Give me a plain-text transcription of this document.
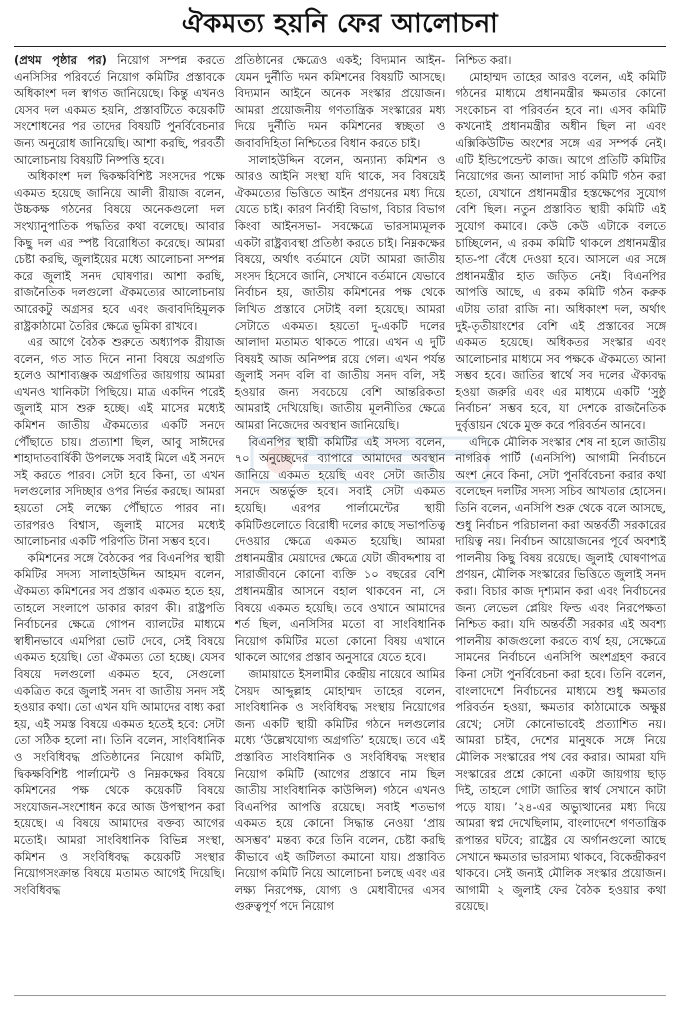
ঐকমত্য হয়নি ফের আলোচনা

(প্রথম পৃষ্ঠার পর) নিয়োগ সম্পন্ন করতে এনসিসির পরিবর্তে নিয়োগ কমিটির প্রস্তাবকে অধিকাংশ দল স্বাগত জানিয়েছে। কিন্তু এখনও যেসব দল একমত হয়নি, প্রস্তাবটিতে কয়েকটি সংশোধনের পর তাদের বিষয়টি পুনর্বিবেচনার জন্য অনুরোধ জানিয়েছি। আশা করছি, পরবর্তী আলোচনায় বিষয়টি নিষ্পত্তি হবে।

অধিকাংশ দল দ্বিকক্ষবিশিষ্ট সংসদের পক্ষে একমত হয়েছে জানিয়ে আলী রীয়াজ বলেন, উচ্চকক্ষ গঠনের বিষয়ে অনেকগুলো দল সংখ্যানুপাতিক পদ্ধতির কথা বলেছে। আবার কিছু দল এর স্পষ্ট বিরোধিতা করেছে। আমরা চেষ্টা করছি, জুলাইয়ের মধ্যে আলোচনা সম্পন্ন করে জুলাই সনদ ঘোষণার। আশা করছি, রাজনৈতিক দলগুলো ঐকমত্যের আলোচনায় আরেকটু অগ্রসর হবে এবং জবাবদিহিমূলক রাষ্ট্রকাঠামো তৈরির ক্ষেত্রে ভূমিকা রাখবে।

এর আগে বৈঠক শুরুতে অধ্যাপক রীয়াজ বলেন, গত সাত দিনে নানা বিষয়ে অগ্রগতি হলেও আশাব্যঞ্জক অগ্রগতির জায়গায় আমরা এখনও খানিকটা পিছিয়ে। মাত্র একদিন পরেই জুলাই মাস শুরু হচ্ছে। এই মাসের মধ্যেই কমিশন জাতীয় ঐকমত্যের একটি সনদে পৌঁছাতে চায়। প্রত্যাশা ছিল, আবু সাঈদের শাহাদাতবার্ষিকী উপলক্ষে সবাই মিলে এই সনদে সই করতে পারব। সেটা হবে কিনা, তা এখন দলগুলোর সদিচ্ছার ওপর নির্ভর করছে। আমরা হয়তো সেই লক্ষ্যে পৌঁছাতে পারব না। তারপরও বিশ্বাস, জুলাই মাসের মধ্যেই আলোচনার একটি পরিণতি টানা সম্ভব হবে।

কমিশনের সঙ্গে বৈঠকের পর বিএনপির স্থায়ী কমিটির সদস্য সালাহউদ্দিন আহমদ বলেন, ঐকমত্য কমিশনের সব প্রস্তাব একমত হতে হয়, তাহলে সংলাপে ডাকার কারণ কী। রাষ্ট্রপতি নির্বাচনের ক্ষেত্রে গোপন ব্যালটের মাধ্যমে স্বাধীনভাবে এমপিরা ভোট দেবে, সেই বিষয়ে একমত হয়েছি। তো ঐকমত্য তো হচ্ছে। যেসব বিষয়ে দলগুলো একমত হবে, সেগুলো একত্রিত করে জুলাই সনদ বা জাতীয় সনদ সই হওয়ার কথা। তো এখন যদি আমাদের বাধ্য করা হয়, এই সমস্ত বিষয়ে একমত হতেই হবে: সেটা তো সঠিক হলো না। তিনি বলেন, সাংবিধানিক ও সংবিধিবদ্ধ প্রতিষ্ঠানের নিয়োগ কমিটি, দ্বিকক্ষবিশিষ্ট পার্লামেন্ট ও নিম্নকক্ষের বিষয়ে কমিশনের পক্ষ থেকে কয়েকটি বিষয়ে সংযোজন-সংশোধন করে আজ উপস্থাপন করা হয়েছে। এ বিষয়ে আমাদের বক্তব্য আগের মতোই। আমরা সাংবিধানিক বিভিন্ন সংস্থা, কমিশন ও সংবিধিবদ্ধ কয়েকটি সংস্থার নিয়োগসংক্রান্ত বিষয়ে মতামত আগেই দিয়েছি। সংবিধিবদ্ধ

প্রতিষ্ঠানের ক্ষেত্রেও একই; বিদ্যমান আইন- যেমন দুর্নীতি দমন কমিশনের বিষয়টি আসছে। বিদ্যমান আইনে অনেক সংস্কার প্রয়োজন। আমরা প্রয়োজনীয় গণতান্ত্রিক সংস্কারের মধ্য দিয়ে দুর্নীতি দমন কমিশনের স্বচ্ছতা ও জবাবদিহিতা নিশ্চিতের বিধান করতে চাই।

সালাহউদ্দিন বলেন, অন্যান্য কমিশন ও আরও আইনি সংস্থা যদি থাকে, সব বিষয়েই ঐকমত্যের ভিত্তিতে আইন প্রণয়নের মধ্য দিয়ে যেতে চাই। কারণ নির্বাহী বিভাগ, বিচার বিভাগ কিংবা আইনসভা- সবক্ষেত্রে ভারসাম্যমূলক একটা রাষ্ট্রব্যবস্থা প্রতিষ্ঠা করতে চাই। নিম্নকক্ষের বিষয়ে, অর্থাৎ বর্তমানে যেটা আমরা জাতীয় সংসদ হিসেবে জানি, সেখানে বর্তমানে যেভাবে নির্বাচন হয়, জাতীয় কমিশনের পক্ষ থেকে লিখিত প্রস্তাবে সেটাই বলা হয়েছে। আমরা সেটাতে একমত। হয়তো দু-একটি দলের আলাদা মতামত থাকতে পারে। এখন এ দুটি বিষয়ই আজ অনিষ্পন্ন রয়ে গেল। এখন পর্যন্ত জুলাই সনদ বলি বা জাতীয় সনদ বলি, সই হওয়ার জন্য সবচেয়ে বেশি আন্তরিকতা আমরাই দেখিয়েছি। জাতীয় মূলনীতির ক্ষেত্রে আমরা নিজেদের অবস্থান জানিয়েছি।

বিএনপির স্থায়ী কমিটির এই সদস্য বলেন, ৭০ অনুচ্ছেদের ব্যাপারে আমাদের অবস্থান জানিয়ে একমত হয়েছি এবং সেটা জাতীয় সনদে অন্তর্ভুক্ত হবে। সবাই সেটা একমত হয়েছি। এরপর পার্লামেন্টের স্থায়ী কমিটিগুলোতে বিরোধী দলের কাছে সভাপতিত্ব দেওয়ার ক্ষেত্রে একমত হয়েছি। আমরা প্রধানমন্ত্রীর মেয়াদের ক্ষেত্রে যেটা জীবদ্দশায় বা সারাজীবনে কোনো ব্যক্তি ১০ বছরের বেশি প্রধানমন্ত্রীর আসনে বহাল থাকবেন না, সে বিষয়ে একমত হয়েছি। তবে ওখানে আমাদের শর্ত ছিল, এনসিসির মতো বা সাংবিধানিক নিয়োগ কমিটির মতো কোনো বিষয় এখানে থাকলে আগের প্রস্তাব অনুসারে যেতে হবে।

জামায়াতে ইসলামীর কেন্দ্রীয় নায়েবে আমির সৈয়দ আব্দুল্লাহ মোহাম্মদ তাহের বলেন, সাংবিধানিক ও সংবিধিবদ্ধ সংস্থায় নিয়োগের জন্য একটি স্থায়ী কমিটির গঠনে দলগুলোর মধ্যে ‘উল্লেখযোগ্য অগ্রগতি’ হয়েছে। তবে এই প্রস্তাবিত সাংবিধানিক ও সংবিধিবদ্ধ সংস্থার নিয়োগ কমিটি (আগের প্রস্তাবে নাম ছিল জাতীয় সাংবিধানিক কাউন্সিল) গঠনে এখনও বিএনপির আপত্তি রয়েছে। সবাই শতভাগ একমত হয়ে কোনো সিদ্ধান্ত নেওয়া ‘প্রায় অসম্ভব’ মন্তব্য করে তিনি বলেন, চেষ্টা করছি কীভাবে এই জটিলতা কমানো যায়। প্রস্তাবিত নিয়োগ কমিটি নিয়ে আলোচনা চলছে এবং এর লক্ষ্য নিরপেক্ষ, যোগ্য ও মেধাবীদের এসব গুরুত্বপূর্ণ পদে নিয়োগ

নিশ্চিত করা।

মোহাম্মদ তাহের আরও বলেন, এই কমিটি গঠনের মাধ্যমে প্রধানমন্ত্রীর ক্ষমতার কোনো সংকোচন বা পরিবর্তন হবে না। এসব কমিটি কখনোই প্রধানমন্ত্রীর অধীন ছিল না এবং এক্সিকিউটিভ অংশের সঙ্গে এর সম্পর্ক নেই। এটি ইন্ডিপেন্ডেন্ট কাজ। আগে প্রতিটি কমিটির নিয়োগের জন্য আলাদা সার্চ কমিটি গঠন করা হতো, যেখানে প্রধানমন্ত্রীর হস্তক্ষেপের সুযোগ বেশি ছিল। নতুন প্রস্তাবিত স্থায়ী কমিটি এই সুযোগ কমাবে। কেউ কেউ এটাকে বলতে চাচ্ছিলেন, এ রকম কমিটি থাকলে প্রধানমন্ত্রীর হাত-পা বেঁধে দেওয়া হবে। আসলে এর সঙ্গে প্রধানমন্ত্রীর হাত জড়িত নেই। বিএনপির আপত্তি আছে, এ রকম কমিটি গঠন করুক এটায় তারা রাজি না। অধিকাংশ দল, অর্থাৎ দুই-তৃতীয়াংশের বেশি এই প্রস্তাবের সঙ্গে একমত হয়েছে। অধিকতর সংস্কার এবং আলোচনার মাধ্যমে সব পক্ষকে ঐকমত্যে আনা সম্ভব হবে। জাতির স্বার্থে সব দলের ঐক্যবদ্ধ হওয়া জরুরি এবং এর মাধ্যমে একটি ‘সুষ্ঠু নির্বাচন’ সম্ভব হবে, যা দেশকে রাজনৈতিক দুর্বৃত্তায়ন থেকে মুক্ত করে পরিবর্তন আনবে।

এদিকে মৌলিক সংস্কার শেষ না হলে জাতীয় নাগরিক পার্টি (এনসিপি) আগামী নির্বাচনে অংশ নেবে কিনা, সেটা পুনর্বিবেচনা করার কথা বলেছেন দলটির সদস্য সচিব আখতার হোসেন। তিনি বলেন, এনসিপি শুরু থেকে বলে আসছে, শুধু নির্বাচন পরিচালনা করা অন্তর্বর্তী সরকারের দায়িত্ব নয়। নির্বাচন আয়োজনের পূর্বে অবশ্যই পালনীয় কিছু বিষয় রয়েছে। জুলাই ঘোষণাপত্র প্রণয়ন, মৌলিক সংস্কারের ভিত্তিতে জুলাই সনদ করা। বিচার কাজ দৃশ্যমান করা এবং নির্বাচনের জন্য লেভেল প্লেয়িং ফিল্ড এবং নিরপেক্ষতা নিশ্চিত করা। যদি অন্তর্বর্তী সরকার এই অবশ্য পালনীয় কাজগুলো করতে ব্যর্থ হয়, সেক্ষেত্রে সামনের নির্বাচনে এনসিপি অংশগ্রহণ করবে কিনা সেটা পুনর্বিবেচনা করা হবে। তিনি বলেন, বাংলাদেশে নির্বাচনের মাধ্যমে শুধু ক্ষমতার পরিবর্তন হওয়া, ক্ষমতার কাঠামোকে অক্ষুণ্ণ রেখে; সেটা কোনোভাবেই প্রত্যাশিত নয়। আমরা চাইব, দেশের মানুষকে সঙ্গে নিয়ে মৌলিক সংস্কারের পথ বের করার। আমরা যদি সংস্কারের প্রশ্নে কোনো একটা জায়গায় ছাড় দিই, তাহলে গোটা জাতির স্বার্থ সেখানে কাটা পড়ে যায়। ’২৪-এর অভ্যুত্থানের মধ্য দিয়ে আমরা স্বপ্ন দেখেছিলাম, বাংলাদেশে গণতান্ত্রিক রূপান্তর ঘটবে; রাষ্ট্রের যে অর্গানগুলো আছে সেখানে ক্ষমতার ভারসাম্য থাকবে, বিকেন্দ্রীকরণ থাকবে। সেই জন্যই মৌলিক সংস্কার প্রয়োজন। আগামী ২ জুলাই ফের বৈঠক হওয়ার কথা রয়েছে।
